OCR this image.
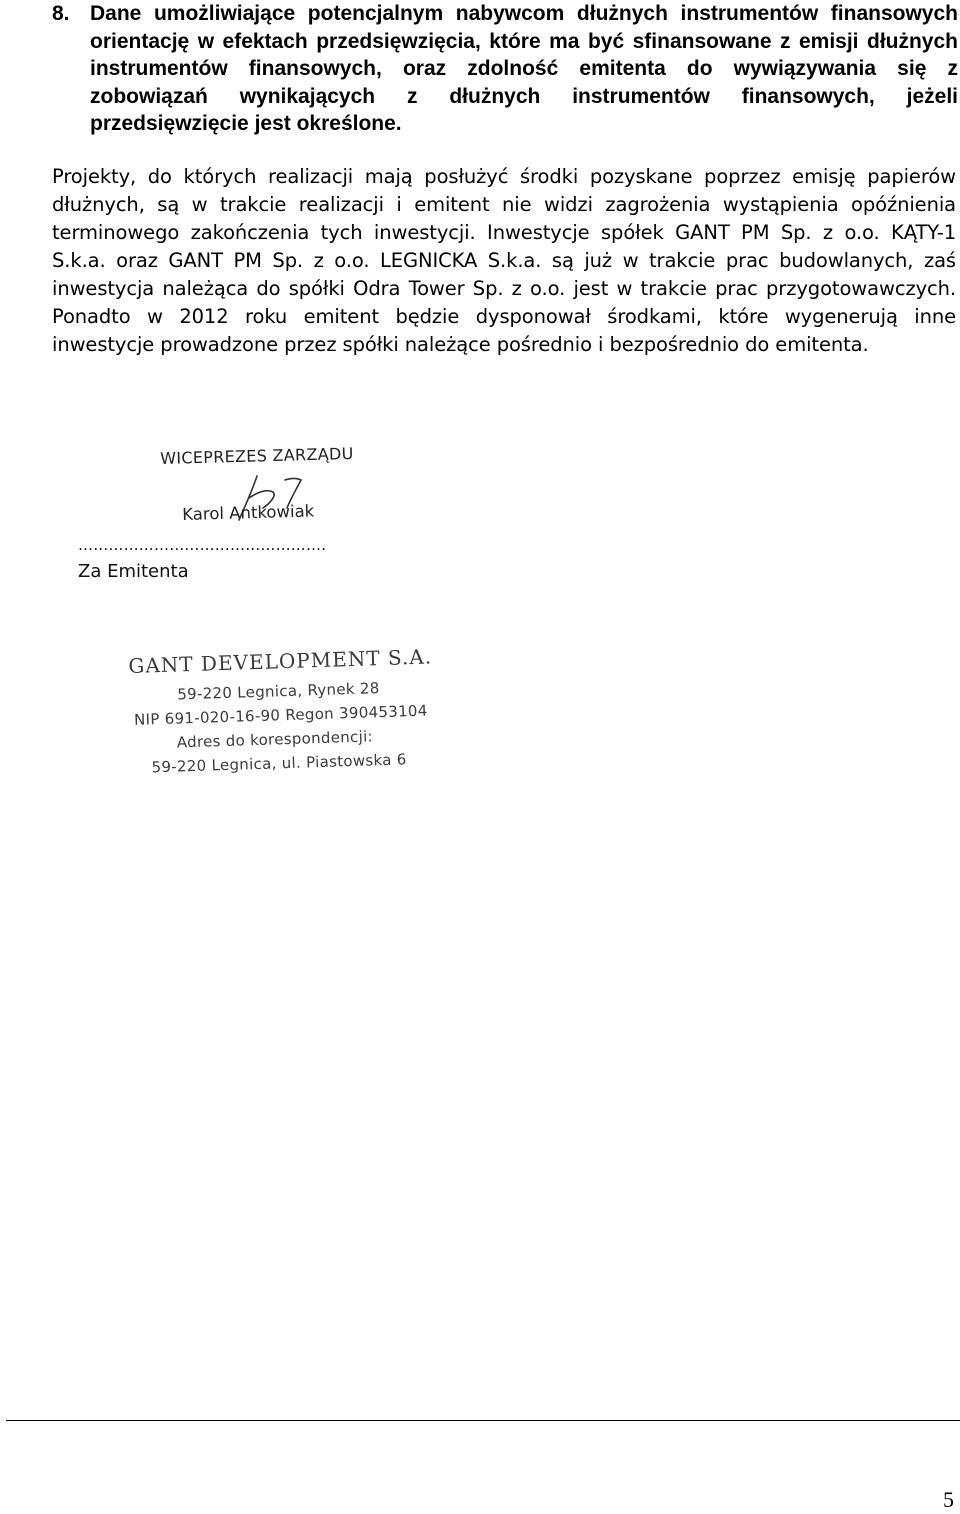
8. Dane umożliwiające potencjalnym nabywcom dłużnych instrumentów finansowych orientację w efektach przedsięwzięcia, które ma być sfinansowane z emisji dłużnych instrumentów finansowych, oraz zdolność emitenta do wywiązywania się z zobowiązań wynikających z dłużnych instrumentów finansowych, jeżeli przedsięwzięcie jest określone.

Projekty, do których realizacji mają posłużyć środki pozyskane poprzez emisję papierów dłużnych, są w trakcie realizacji i emitent nie widzi zagrożenia wystąpienia opóźnienia terminowego zakończenia tych inwestycji. Inwestycje spółek GANT PM Sp. z o.o. KĄTY-1 S.k.a. oraz GANT PM Sp. z o.o. LEGNICKA S.k.a. są już w trakcie prac budowlanych, zaś inwestycja należąca do spółki Odra Tower Sp. z o.o. jest w trakcie prac przygotowawczych. Ponadto w 2012 roku emitent będzie dysponował środkami, które wygenerują inne inwestycje prowadzone przez spółki należące pośrednio i bezpośrednio do emitenta.

WICEPREZES ZARZĄDU
Karol Antkowiak
………………………………………….
Za Emitenta
GANT DEVELOPMENT S.A.
59-220 Legnica, Rynek 28
NIP 691-020-16-90 Regon 390453104
Adres do korespondencji:
59-220 Legnica, ul. Piastowska 6
5
